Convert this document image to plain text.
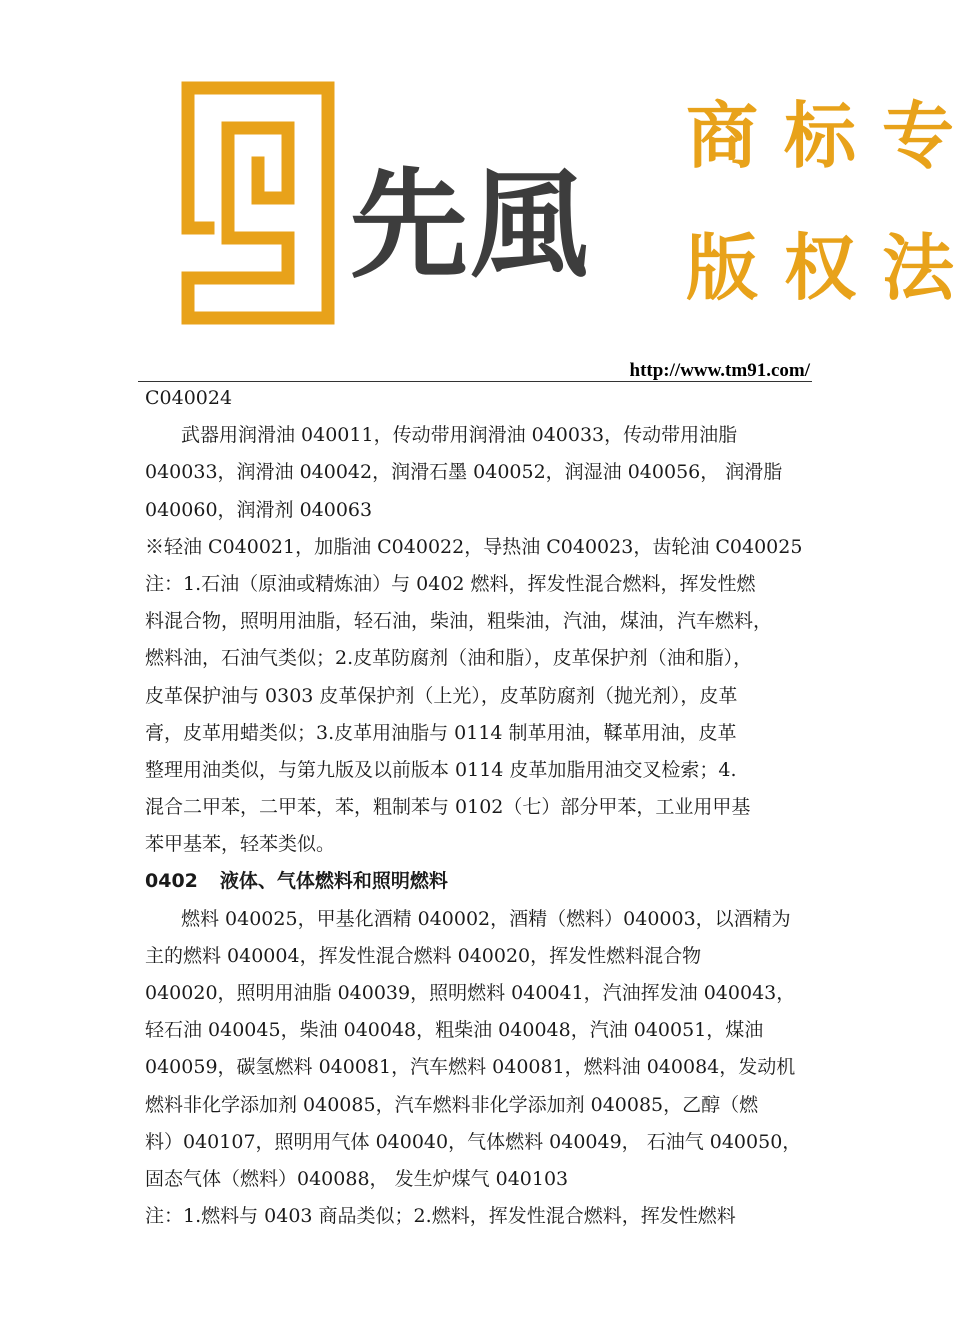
先風
商标专
版权法
http://www.tm91.com/
C040024
武器用润滑油 040011，传动带用润滑油 040033，传动带用油脂
040033，润滑油 040042，润滑石墨 040052，润湿油 040056， 润滑脂
040060，润滑剂 040063
※轻油 C040021，加脂油 C040022，导热油 C040023，齿轮油 C040025
注：1.石油（原油或精炼油）与 0402 燃料，挥发性混合燃料，挥发性燃
料混合物，照明用油脂，轻石油，柴油，粗柴油，汽油，煤油，汽车燃料，
燃料油，石油气类似；2.皮革防腐剂（油和脂），皮革保护剂（油和脂），
皮革保护油与 0303 皮革保护剂（上光），皮革防腐剂（抛光剂），皮革
膏，皮革用蜡类似；3.皮革用油脂与 0114 制革用油，鞣革用油，皮革
整理用油类似，与第九版及以前版本 0114 皮革加脂用油交叉检索；4.
混合二甲苯，二甲苯，苯，粗制苯与 0102（七）部分甲苯，工业用甲基
苯甲基苯，轻苯类似。
0402 液体、气体燃料和照明燃料
燃料 040025，甲基化酒精 040002，酒精（燃料）040003，以酒精为
主的燃料 040004，挥发性混合燃料 040020，挥发性燃料混合物
040020，照明用油脂 040039，照明燃料 040041，汽油挥发油 040043，
轻石油 040045，柴油 040048，粗柴油 040048，汽油 040051，煤油
040059，碳氢燃料 040081，汽车燃料 040081，燃料油 040084，发动机
燃料非化学添加剂 040085，汽车燃料非化学添加剂 040085，乙醇（燃
料）040107，照明用气体 040040，气体燃料 040049， 石油气 040050，
固态气体（燃料）040088， 发生炉煤气 040103
注：1.燃料与 0403 商品类似；2.燃料，挥发性混合燃料，挥发性燃料
